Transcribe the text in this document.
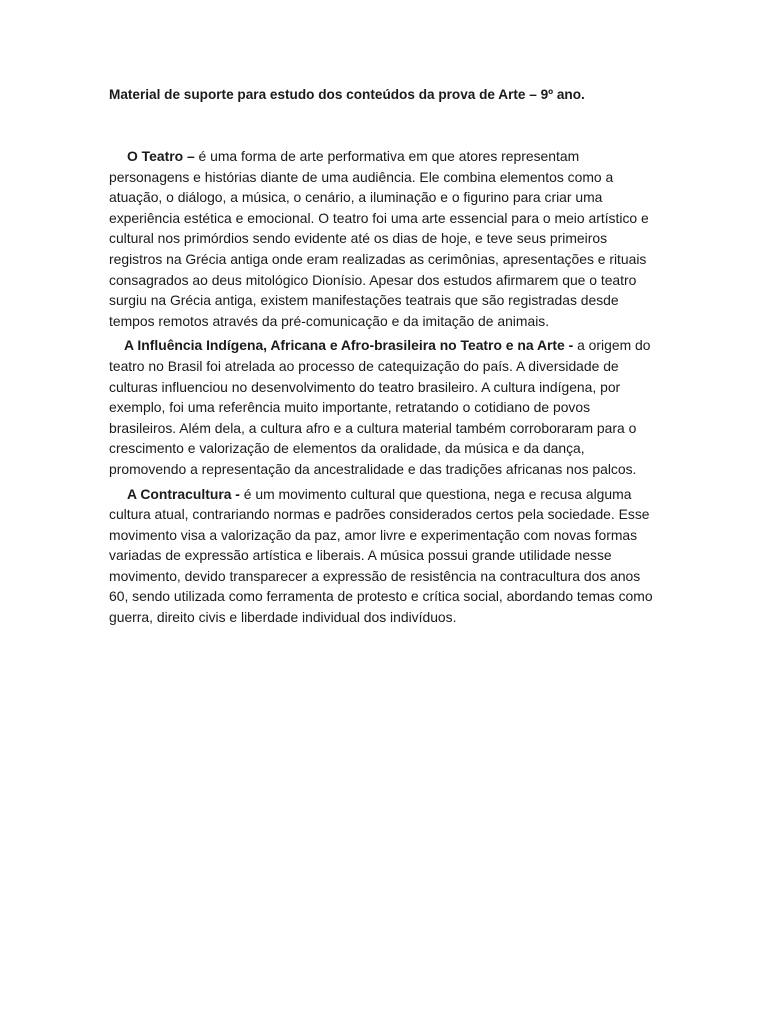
Material de suporte para estudo dos conteúdos da prova de Arte – 9º ano.

O Teatro – é uma forma de arte performativa em que atores representam personagens e histórias diante de uma audiência. Ele combina elementos como a atuação, o diálogo, a música, o cenário, a iluminação e o figurino para criar uma experiência estética e emocional. O teatro foi uma arte essencial para o meio artístico e cultural nos primórdios sendo evidente até os dias de hoje, e teve seus primeiros registros na Grécia antiga onde eram realizadas as cerimônias, apresentações e rituais consagrados ao deus mitológico Dionísio. Apesar dos estudos afirmarem que o teatro surgiu na Grécia antiga, existem manifestações teatrais que são registradas desde tempos remotos através da pré-comunicação e da imitação de animais.

A Influência Indígena, Africana e Afro-brasileira no Teatro e na Arte - a origem do teatro no Brasil foi atrelada ao processo de catequização do país. A diversidade de culturas influenciou no desenvolvimento do teatro brasileiro. A cultura indígena, por exemplo, foi uma referência muito importante, retratando o cotidiano de povos brasileiros. Além dela, a cultura afro e a cultura material também corroboraram para o crescimento e valorização de elementos da oralidade, da música e da dança, promovendo a representação da ancestralidade e das tradições africanas nos palcos.

A Contracultura - é um movimento cultural que questiona, nega e recusa alguma cultura atual, contrariando normas e padrões considerados certos pela sociedade. Esse movimento visa a valorização da paz, amor livre e experimentação com novas formas variadas de expressão artística e liberais. A música possui grande utilidade nesse movimento, devido transparecer a expressão de resistência na contracultura dos anos 60, sendo utilizada como ferramenta de protesto e crítica social, abordando temas como guerra, direito civis e liberdade individual dos indivíduos.
